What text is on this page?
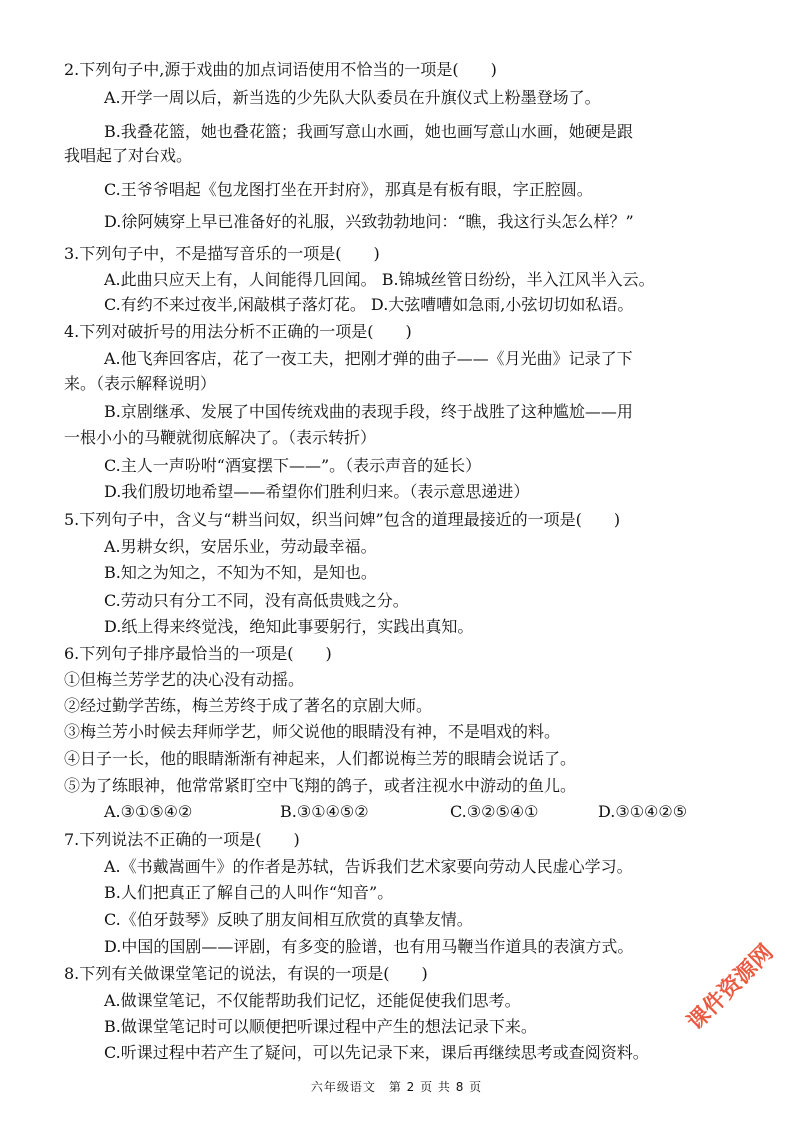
2.下列句子中,源于戏曲的加点词语使用不恰当的一项是(　　)
A.开学一周以后，新当选的少先队大队委员在升旗仪式上粉墨登场了。
B.我叠花篮，她也叠花篮；我画写意山水画，她也画写意山水画，她硬是跟
我唱起了对台戏。
C.王爷爷唱起《包龙图打坐在开封府》，那真是有板有眼，字正腔圆。
D.徐阿姨穿上早已准备好的礼服，兴致勃勃地问：“瞧，我这行头怎么样？”
3.下列句子中，不是描写音乐的一项是(　　)
A.此曲只应天上有，人间能得几回闻。 B.锦城丝管日纷纷，半入江风半入云。
C.有约不来过夜半,闲敲棋子落灯花。 D.大弦嘈嘈如急雨,小弦切切如私语。
4.下列对破折号的用法分析不正确的一项是(　　)
A.他飞奔回客店，花了一夜工夫，把刚才弹的曲子——《月光曲》记录了下
来。（表示解释说明）
B.京剧继承、发展了中国传统戏曲的表现手段，终于战胜了这种尴尬——用
一根小小的马鞭就彻底解决了。（表示转折）
C.主人一声吩咐“酒宴摆下——”。（表示声音的延长）
D.我们殷切地希望——希望你们胜利归来。（表示意思递进）
5.下列句子中，含义与“耕当问奴，织当问婢”包含的道理最接近的一项是(　　)
A.男耕女织，安居乐业，劳动最幸福。
B.知之为知之，不知为不知，是知也。
C.劳动只有分工不同，没有高低贵贱之分。
D.纸上得来终觉浅，绝知此事要躬行，实践出真知。
6.下列句子排序最恰当的一项是(　　)
①但梅兰芳学艺的决心没有动摇。
②经过勤学苦练，梅兰芳终于成了著名的京剧大师。
③梅兰芳小时候去拜师学艺，师父说他的眼睛没有神，不是唱戏的料。
④日子一长，他的眼睛渐渐有神起来，人们都说梅兰芳的眼睛会说话了。
⑤为了练眼神，他常常紧盯空中飞翔的鸽子，或者注视水中游动的鱼儿。
A.③①⑤④②	B.③①④⑤②	C.③②⑤④①	D.③①④②⑤
7.下列说法不正确的一项是(　　)
A.《书戴嵩画牛》的作者是苏轼，告诉我们艺术家要向劳动人民虚心学习。
B.人们把真正了解自己的人叫作“知音”。
C.《伯牙鼓琴》反映了朋友间相互欣赏的真挚友情。
D.中国的国剧——评剧，有多变的脸谱，也有用马鞭当作道具的表演方式。
8.下列有关做课堂笔记的说法，有误的一项是(　　)
A.做课堂笔记，不仅能帮助我们记忆，还能促使我们思考。
B.做课堂笔记时可以顺便把听课过程中产生的想法记录下来。
C.听课过程中若产生了疑问，可以先记录下来，课后再继续思考或查阅资料。
课件资源网
六年级语文　第 2 页 共 8 页
